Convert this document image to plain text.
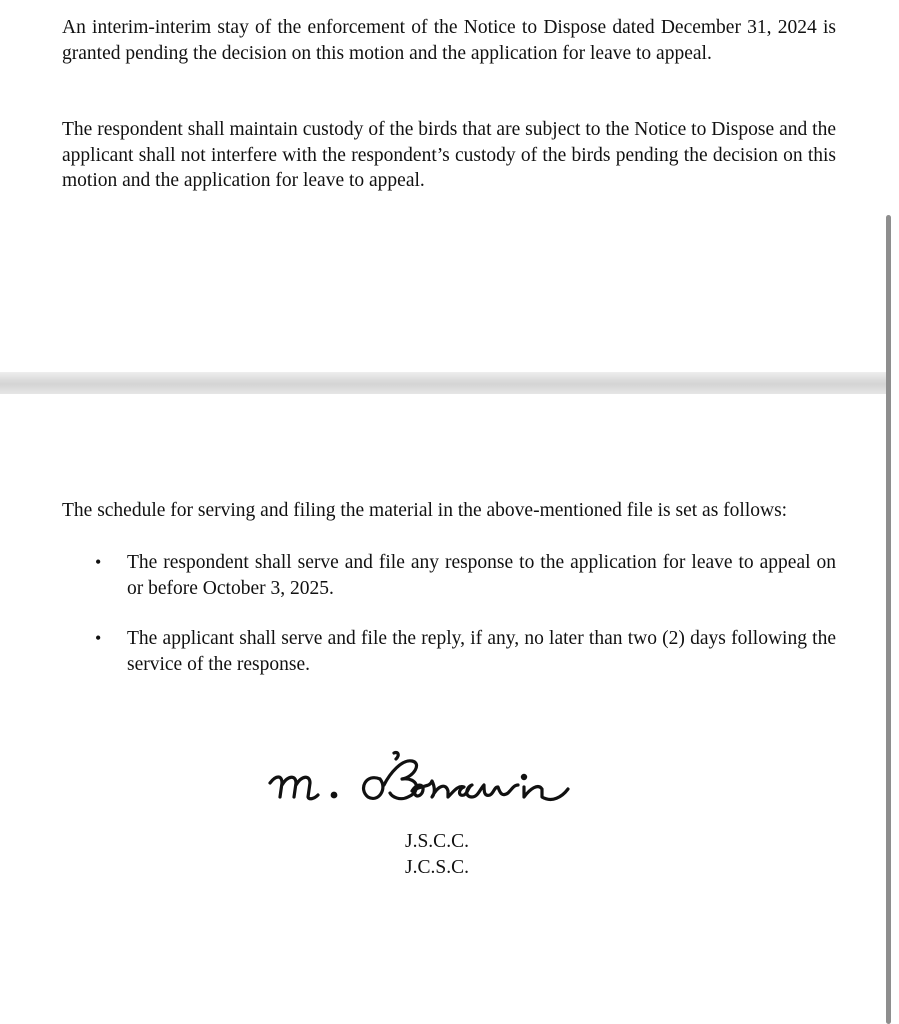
An interim-interim stay of the enforcement of the Notice to Dispose dated December 31, 2024 is granted pending the decision on this motion and the application for leave to appeal.

The respondent shall maintain custody of the birds that are subject to the Notice to Dispose and the applicant shall not interfere with the respondent’s custody of the birds pending the decision on this motion and the application for leave to appeal.

The schedule for serving and filing the material in the above-mentioned file is set as follows:

• The respondent shall serve and file any response to the application for leave to appeal on or before October 3, 2025.
• The applicant shall serve and file the reply, if any, no later than two (2) days following the service of the response.

J.S.C.C.

J.C.S.C.
